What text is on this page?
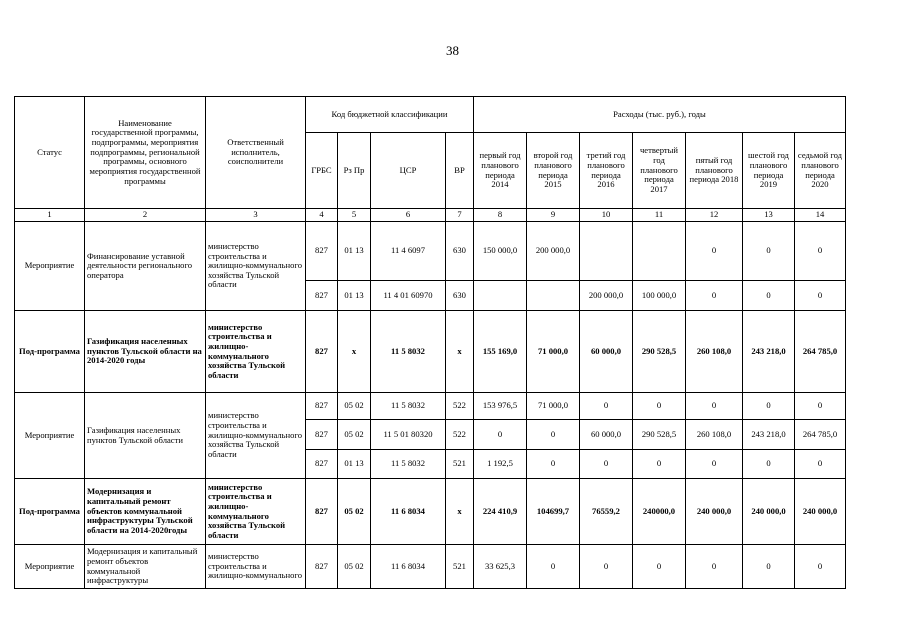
38
Статус	Наименование государственной программы, подпрограммы, мероприятия подпрограммы, региональной программы, основного мероприятия государственной программы	Ответственный исполнитель, соисполнители	Код бюджетной классификации				Расходы (тыс. руб.), годы						
			ГРБС	Рз Пр	ЦСР	ВР	первый год планового периода 2014	второй год планового периода 2015	третий год планового периода 2016	четвертый год планового периода 2017	пятый год планового периода 2018	шестой год планового периода 2019	седьмой год планового периода 2020
1	2	3	4	5	6	7	8	9	10	11	12	13	14
Мероприятие	Финансирование уставной деятельности регионального оператора	министерство строительства и жилищно-коммунального хозяйства Тульской области	827	01 13	11 4 6097	630	150 000,0	200 000,0			0	0	0
			827	01 13	11 4 01 60970	630			200 000,0	100 000,0	0	0	0
Под-программа	Газификация населенных пунктов Тульской области на 2014-2020 годы	министерство строительства и жилищно-коммунального хозяйства Тульской области	827	x	11 5 8032	x	155 169,0	71 000,0	60 000,0	290 528,5	260 108,0	243 218,0	264 785,0
Мероприятие	Газификация населенных пунктов Тульской области	министерство строительства и жилищно-коммунального хозяйства Тульской области	827	05 02	11 5 8032	522	153 976,5	71 000,0	0	0	0	0	0
			827	05 02	11 5 01 80320	522	0	0	60 000,0	290 528,5	260 108,0	243 218,0	264 785,0
			827	01 13	11 5 8032	521	1 192,5	0	0	0	0	0	0
Под-программа	Модернизация и капитальный ремонт объектов коммунальной инфраструктуры Тульской области на 2014-2020годы	министерство строительства и жилищно-коммунального хозяйства Тульской области	827	05 02	11 6 8034	x	224 410,9	104699,7	76559,2	240000,0	240 000,0	240 000,0	240 000,0
Мероприятие	Модернизация и капитальный ремонт объектов коммунальной инфраструктуры	министерство строительства и жилищно-коммунального	827	05 02	11 6 8034	521	33 625,3	0	0	0	0	0	0
